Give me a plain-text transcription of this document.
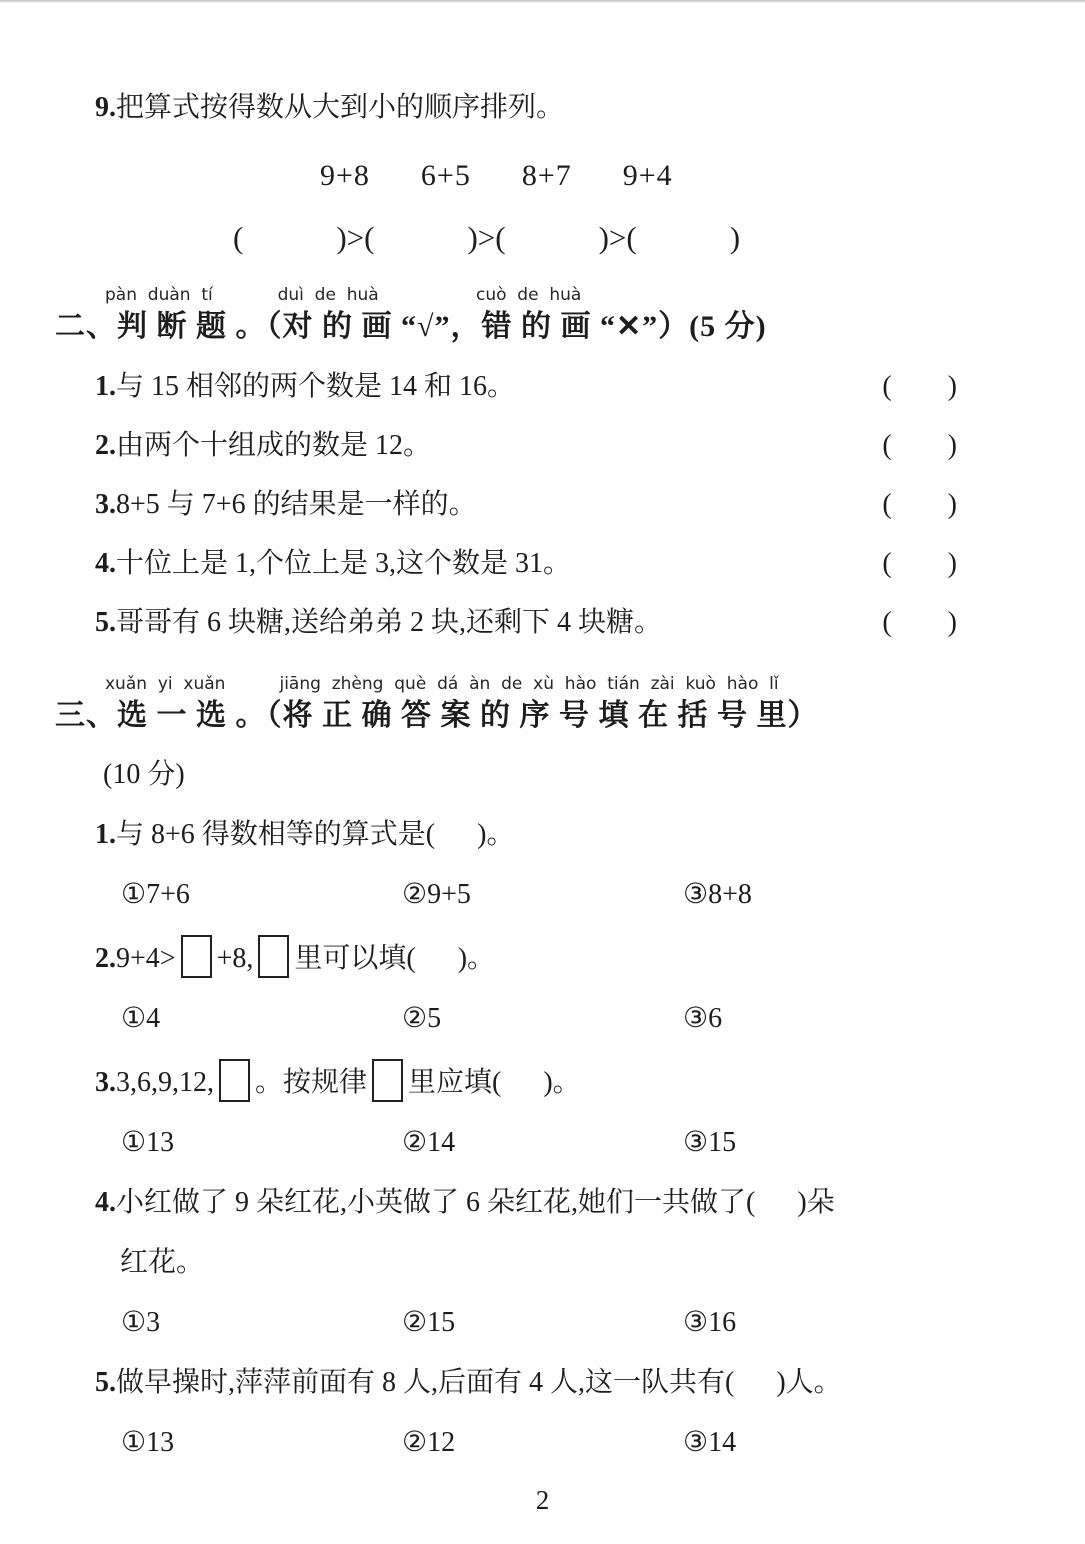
9.把算式按得数从大到小的顺序排列。
9+8      6+5      8+7      9+4
(            )>(            )>(            )>(            )
pàn  duàn  tí            duì  de  huà                  cuò  de  huà
二、判 断 题 。（对 的 画 “√”，错 的 画 “✕”）(5 分)
1.与 15 相邻的两个数是 14 和 16。	(        )
2.由两个十组成的数是 12。	(        )
3.8+5 与 7+6 的结果是一样的。	(        )
4.十位上是 1,个位上是 3,这个数是 31。	(        )
5.哥哥有 6 块糖,送给弟弟 2 块,还剩下 4 块糖。	(        )
xuǎn  yi  xuǎn          jiāng  zhèng  què  dá  àn  de  xù  hào  tián  zài  kuò  hào  lǐ
三、选 一 选 。（将 正 确 答 案 的 序 号 填 在 括 号 里）
(10 分)
1.与 8+6 得数相等的算式是(      )。
①7+6	②9+5	③8+8
2.9+4> +8, 里可以填(      )。
①4	②5	③6
3.3,6,9,12, 。按规律 里应填(      )。
①13	②14	③15
4.小红做了 9 朵红花,小英做了 6 朵红花,她们一共做了(      )朵
红花。
①3	②15	③16
5.做早操时,萍萍前面有 8 人,后面有 4 人,这一队共有(      )人。
①13	②12	③14
2
